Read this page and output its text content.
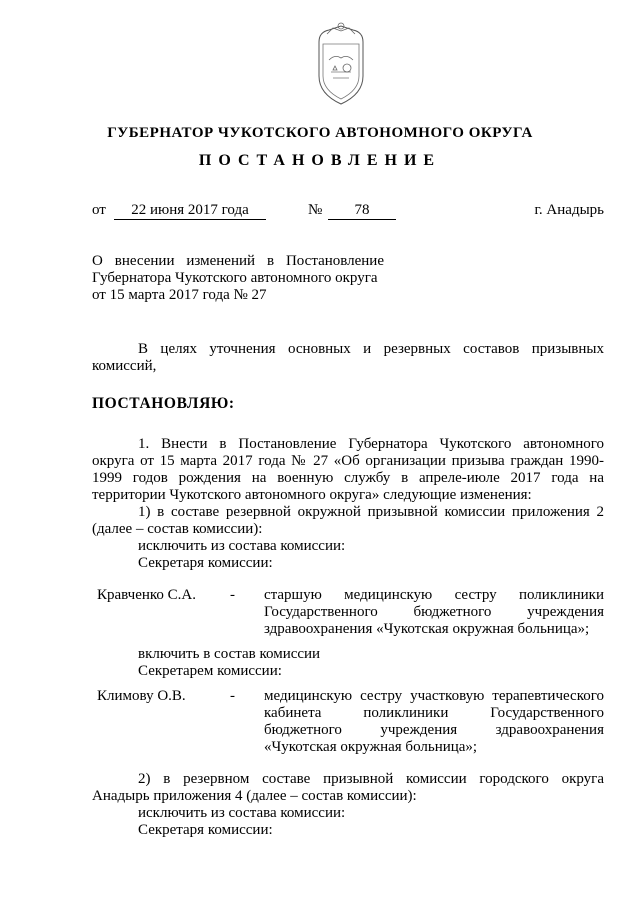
ГУБЕРНАТОР ЧУКОТСКОГО АВТОНОМНОГО ОКРУГА
ПОСТАНОВЛЕНИЕ
от	22 июня 2017 года	№	78	г. Анадырь
О внесении изменений в Постановление
Губернатора Чукотского автономного округа
от 15 марта 2017 года № 27
В целях уточнения основных и резервных составов призывных
комиссий,
ПОСТАНОВЛЯЮ:
1. Внести в Постановление Губернатора Чукотского автономного
округа от 15 марта 2017 года № 27 «Об организации призыва граждан 1990-
1999 годов рождения на военную службу в апреле-июле 2017 года на
территории Чукотского автономного округа» следующие изменения:
1) в составе резервной окружной призывной комиссии приложения 2
(далее – состав комиссии):
исключить из состава комиссии:
Секретаря комиссии:
Кравченко С.А. - старшую медицинскую сестру поликлиники
Государственного бюджетного учреждения
здравоохранения «Чукотская окружная больница»;
включить в состав комиссии
Секретарем комиссии:
Климову О.В.	- медицинскую сестру участковую терапевтического
кабинета поликлиники Государственного
бюджетного учреждения здравоохранения
«Чукотская окружная больница»;
2) в резервном составе призывной комиссии городского округа
Анадырь приложения 4 (далее – состав комиссии):
исключить из состава комиссии:
Секретаря комиссии:
